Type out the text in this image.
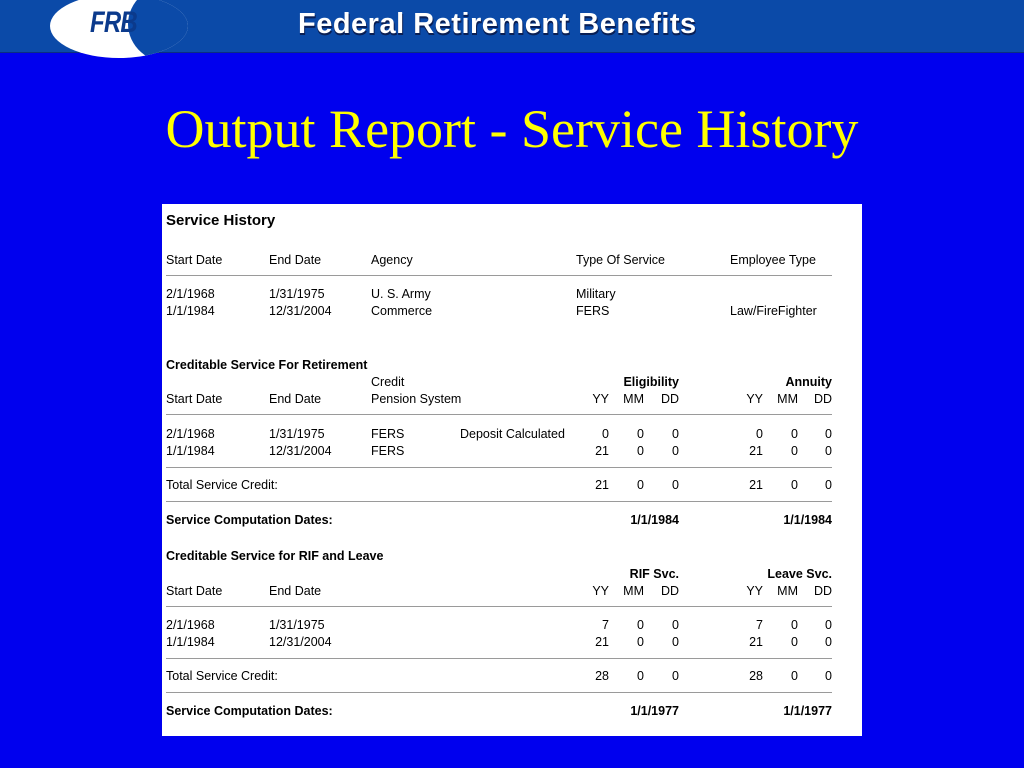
FRB	Federal Retirement Benefits
Output Report - Service History
Service History
Start Date	End Date	Agency	Type Of Service	Employee Type
2/1/1968	1/31/1975	U. S. Army	Military
1/1/1984	12/31/2004	Commerce	FERS	Law/FireFighter
Creditable Service For Retirement
Credit	Eligibility	Annuity
Start Date	End Date	Pension System	YY MM DD	YY MM DD
2/1/1968	1/31/1975	FERS	Deposit Calculated	0 0 0	0 0 0
1/1/1984	12/31/2004	FERS	21 0 0	21 0 0
Total Service Credit:	21 0 0	21 0 0
Service Computation Dates:	1/1/1984	1/1/1984
Creditable Service for RIF and Leave
RIF Svc.	Leave Svc.
Start Date	End Date	YY MM DD	YY MM DD
2/1/1968	1/31/1975	7 0 0	7 0 0
1/1/1984	12/31/2004	21 0 0	21 0 0
Total Service Credit:	28 0 0	28 0 0
Service Computation Dates:	1/1/1977	1/1/1977
